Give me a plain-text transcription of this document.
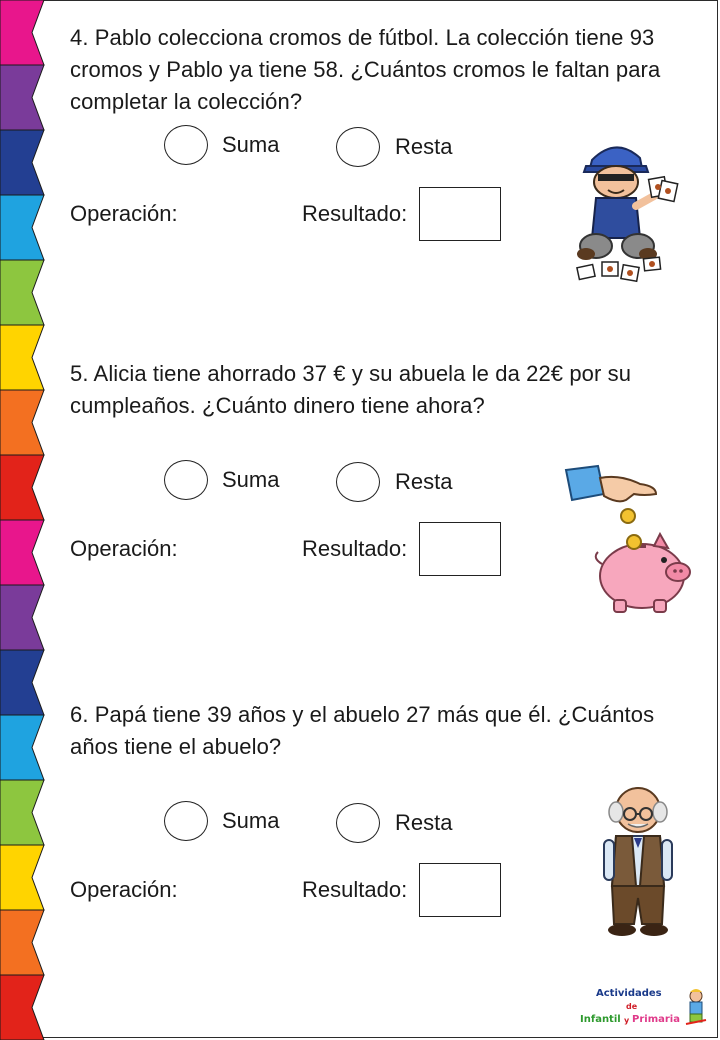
4. Pablo colecciona cromos de fútbol. La colección tiene 93 cromos y Pablo ya tiene 58. ¿Cuántos cromos le faltan para completar la colección?
Suma	Resta
Operación:	Resultado:
5. Alicia tiene ahorrado 37 € y su abuela le da 22€ por su cumpleaños. ¿Cuánto dinero tiene ahora?
Suma	Resta
Operación:	Resultado:
6. Papá tiene 39 años y el abuelo 27 más que él. ¿Cuántos años tiene el abuelo?
Suma	Resta
Operación:	Resultado:
Actividades
de
Infantil y Primaria
